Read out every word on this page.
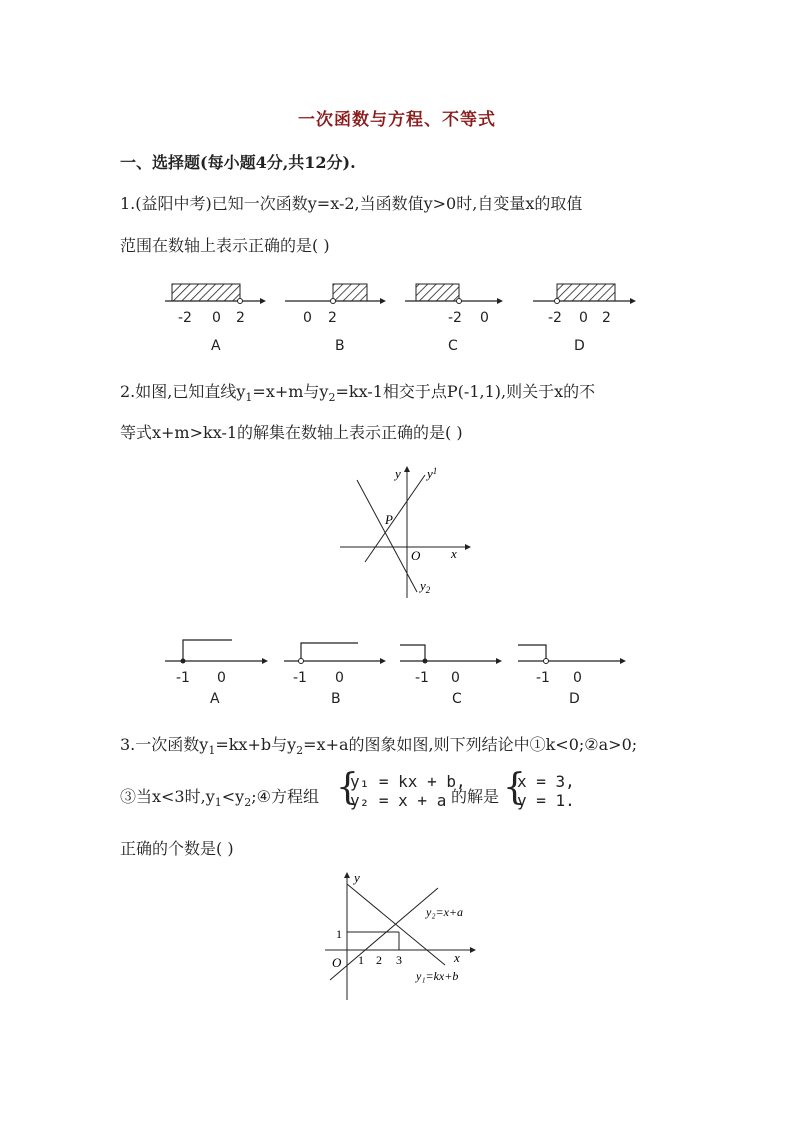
一次函数与方程、不等式
一、选择题(每小题4分,共12分).
1.(益阳中考)已知一次函数y=x-2,当函数值y>0时,自变量x的取值
范围在数轴上表示正确的是( )
-2 0 2
A
0 2
B
-2 0
C
-2 0 2
D
2.如图,已知直线$y_1=x+m$与$y_2=kx-1$相交于点P(-1,1),则关于x的不
等式x+m>kx-1的解集在数轴上表示正确的是( )
y $y^1$
P
O x
$y_2$
-1 0
A
-1 0
B
-1 0
C
-1 0
D
3.一次函数$y_1=kx+b$与$y_2=x+a$的图象如图,则下列结论中①k<0;②a>0;
③当x<3时$,y_1<y_2;④$方程组 {
y₁ = kx + b,
y₂ = x + a 的解是 {
x = 3,
y = 1.
正确的个数是( )
y
x
O
1
1 2 3
y₂=x+a
y₁=kx+b
